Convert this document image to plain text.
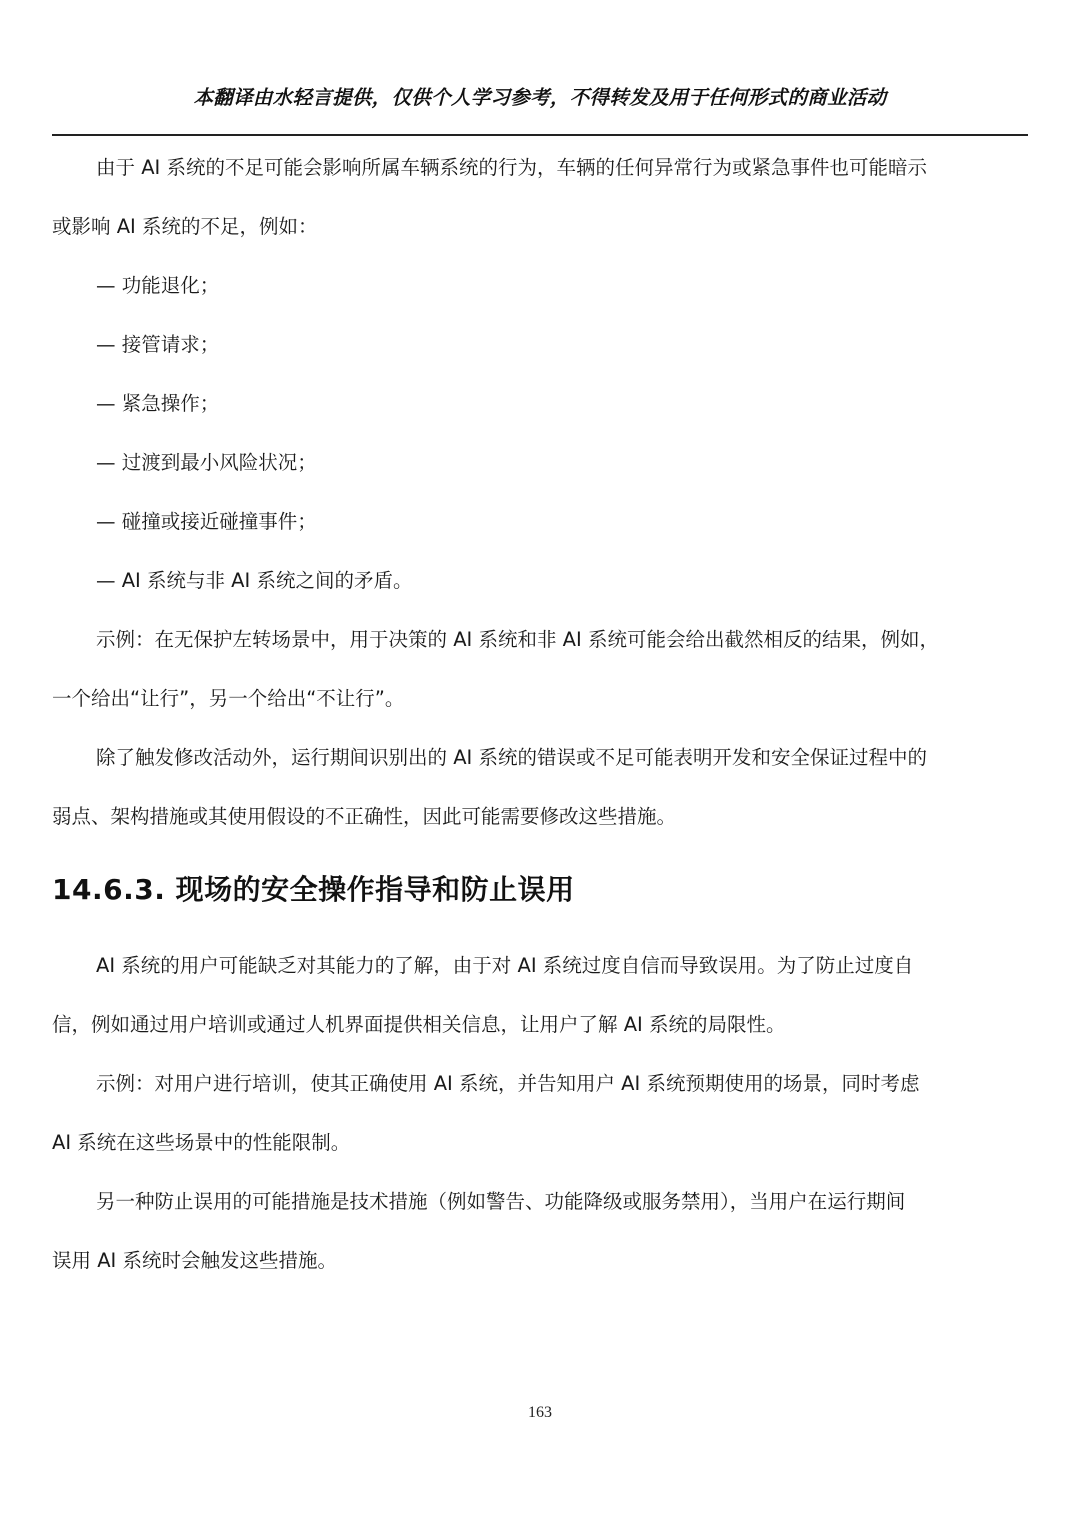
本翻译由水轻言提供，仅供个人学习参考，不得转发及用于任何形式的商业活动
由于 AI 系统的不足可能会影响所属车辆系统的行为，车辆的任何异常行为或紧急事件也可能暗示
或影响 AI 系统的不足，例如：
— 功能退化；
— 接管请求；
— 紧急操作；
— 过渡到最小风险状况；
— 碰撞或接近碰撞事件；
— AI 系统与非 AI 系统之间的矛盾。
示例：在无保护左转场景中，用于决策的 AI 系统和非 AI 系统可能会给出截然相反的结果，例如，
一个给出“让行”，另一个给出“不让行”。
除了触发修改活动外，运行期间识别出的 AI 系统的错误或不足可能表明开发和安全保证过程中的
弱点、架构措施或其使用假设的不正确性，因此可能需要修改这些措施。
14.6.3. 现场的安全操作指导和防止误用
AI 系统的用户可能缺乏对其能力的了解，由于对 AI 系统过度自信而导致误用。为了防止过度自
信，例如通过用户培训或通过人机界面提供相关信息，让用户了解 AI 系统的局限性。
示例：对用户进行培训，使其正确使用 AI 系统，并告知用户 AI 系统预期使用的场景，同时考虑
AI 系统在这些场景中的性能限制。
另一种防止误用的可能措施是技术措施（例如警告、功能降级或服务禁用），当用户在运行期间
误用 AI 系统时会触发这些措施。
163
